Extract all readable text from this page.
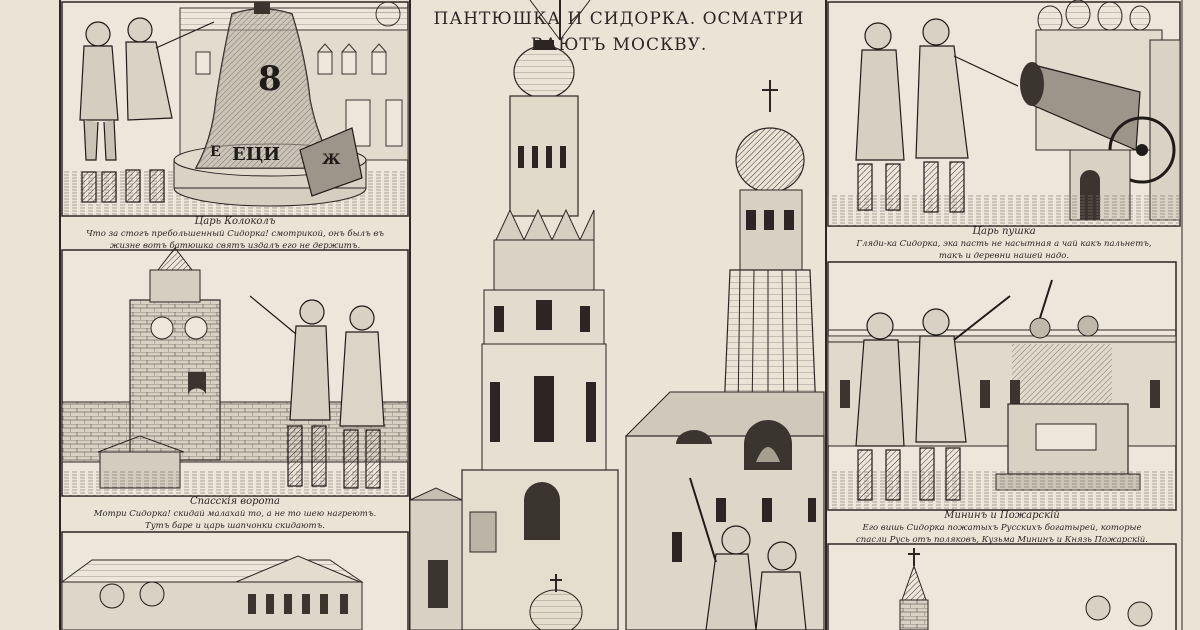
8
ЕЦИ	Ж
Е
ПАНТЮШКА И СИДОРКА. ОСМАТРИ
ВАЮТЪ МОСКВУ.
Царь Колоколъ
Что за стогъ пребольшенный Сидорка! смотрикой, онъ былъ въ
жизне вотъ батюшка святъ издалъ его не держитъ.
Спасскія ворота
Мотри Сидорка! скидай малахай то, а не то шею нагреютъ.
Тутъ баре и царь шапчонки скидаютъ.
Царь пушка
Гляди-ка Сидорка, эка пасть не насытная а чай какъ пальнетъ,
такъ и деревни нашей надо.
Мининъ и Пожарскій
Его вишь Сидорка пожатыхъ Русскихъ богатырей, которые
спасли Русь отъ поляковъ, Кузьма Мининъ и Князь Пожарскій.
